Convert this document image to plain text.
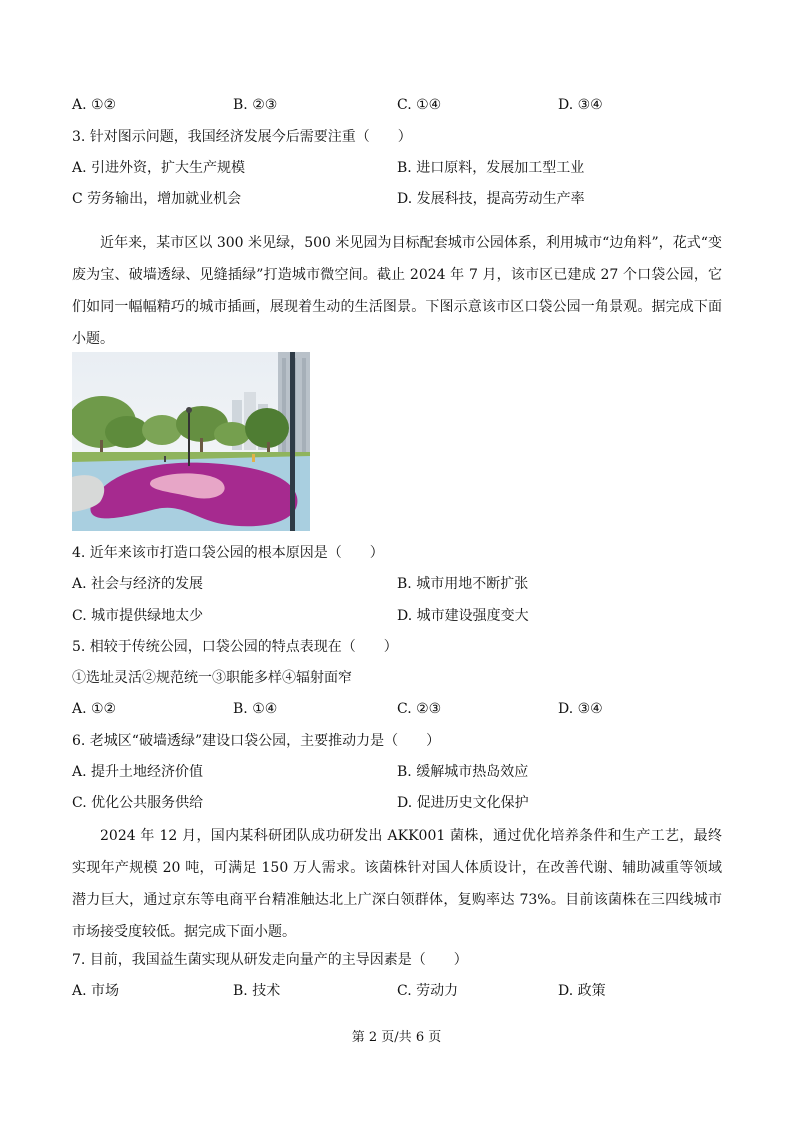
A. ①②	B. ②③	C. ①④	D. ③④
3. 针对图示问题，我国经济发展今后需要注重（　　）
A. 引进外资，扩大生产规模	B. 进口原料，发展加工型工业
C 劳务输出，增加就业机会	D. 发展科技，提高劳动生产率
近年来，某市区以 300 米见绿，500 米见园为目标配套城市公园体系，利用城市“边角料”，花式“变废为宝、破墙透绿、见缝插绿”打造城市微空间。截止 2024 年 7 月，该市区已建成 27 个口袋公园，它们如同一幅幅精巧的城市插画，展现着生动的生活图景。下图示意该市区口袋公园一角景观。据完成下面小题。
4. 近年来该市打造口袋公园的根本原因是（　　）
A. 社会与经济的发展	B. 城市用地不断扩张
C. 城市提供绿地太少	D. 城市建设强度变大
5. 相较于传统公园，口袋公园的特点表现在（　　）
①选址灵活②规范统一③职能多样④辐射面窄
A. ①②	B. ①④	C. ②③	D. ③④
6. 老城区“破墙透绿”建设口袋公园，主要推动力是（　　）
A. 提升土地经济价值	B. 缓解城市热岛效应
C. 优化公共服务供给	D. 促进历史文化保护
2024 年 12 月，国内某科研团队成功研发出 AKK001 菌株，通过优化培养条件和生产工艺，最终实现年产规模 20 吨，可满足 150 万人需求。该菌株针对国人体质设计，在改善代谢、辅助减重等领域潜力巨大，通过京东等电商平台精准触达北上广深白领群体，复购率达 73%。目前该菌株在三四线城市市场接受度较低。据完成下面小题。
7. 目前，我国益生菌实现从研发走向量产的主导因素是（　　）
A. 市场	B. 技术	C. 劳动力	D. 政策
第 2 页/共 6 页
